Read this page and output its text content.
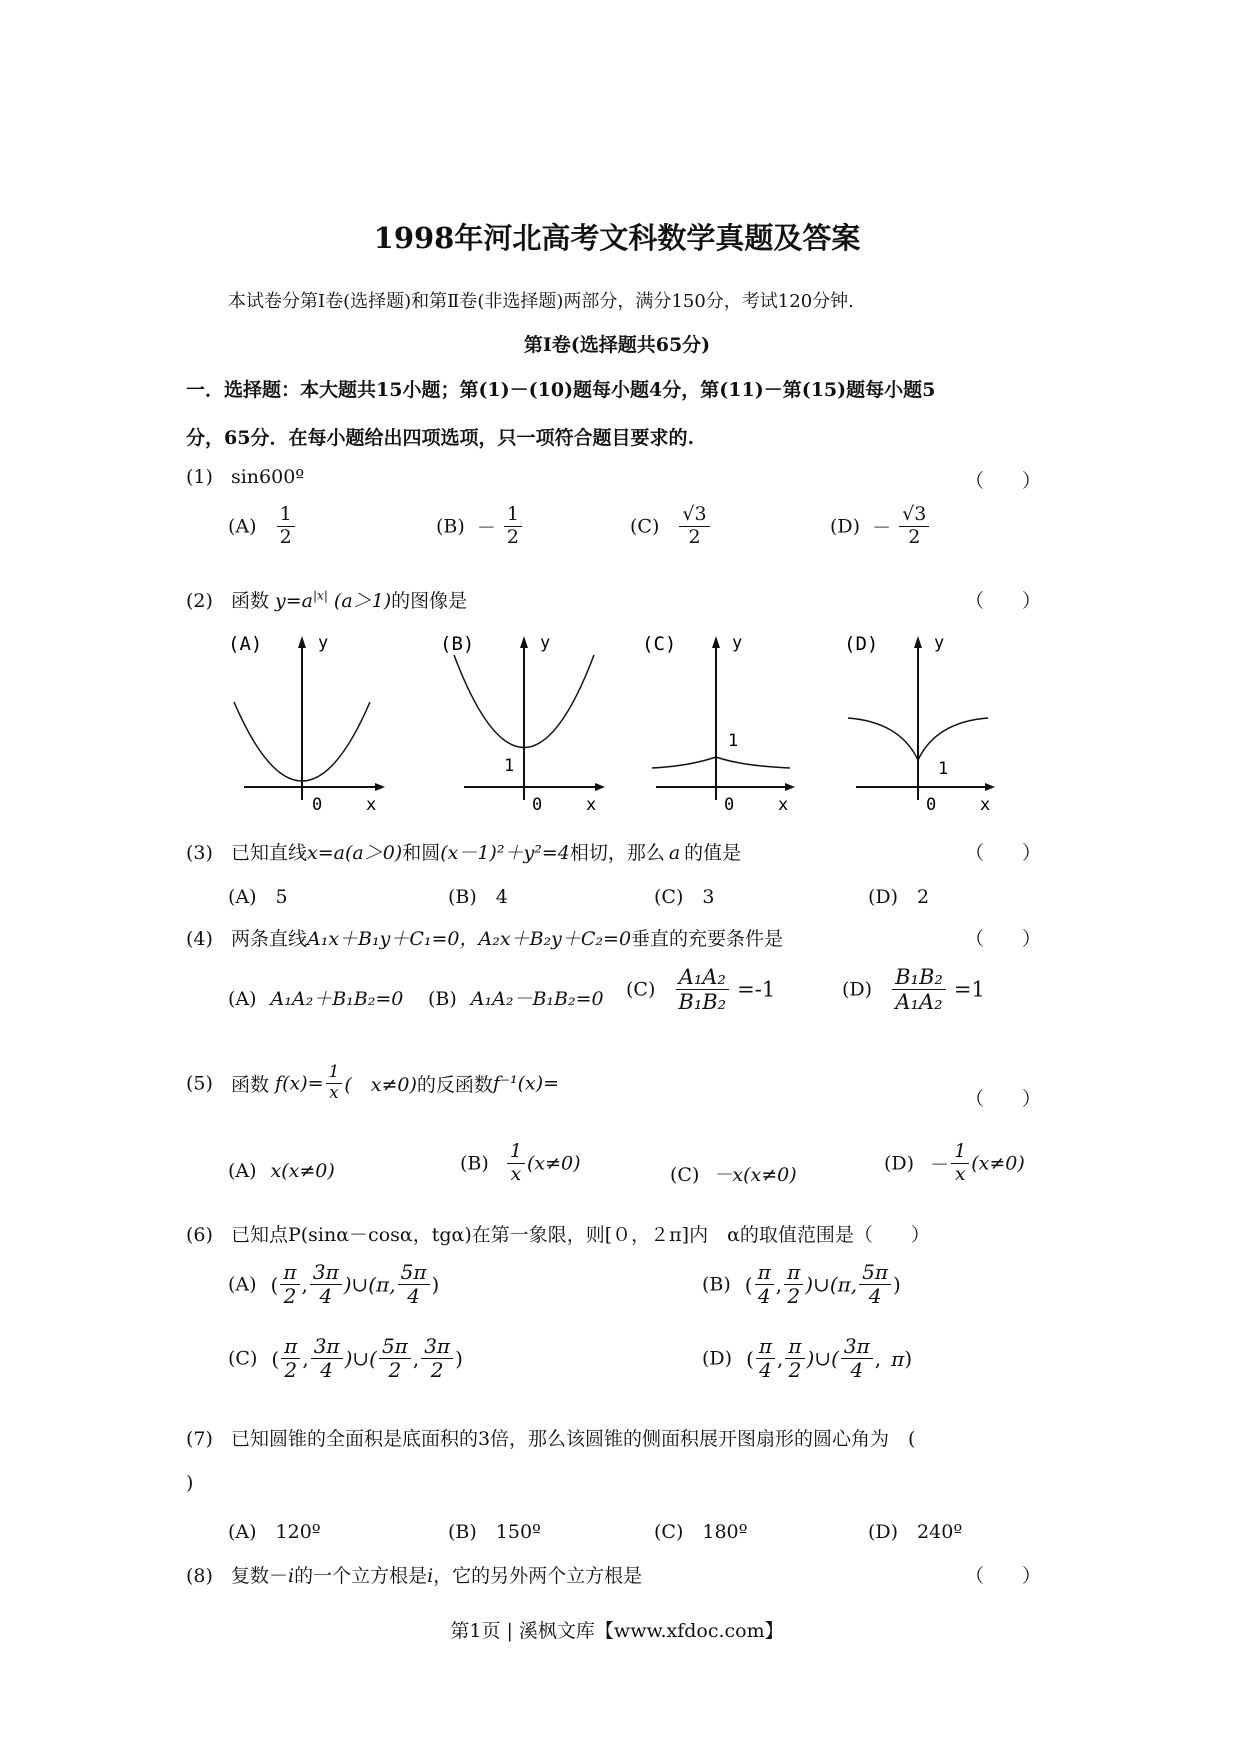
1998年河北高考文科数学真题及答案
本试卷分第Ⅰ卷(选择题)和第Ⅱ卷(非选择题)两部分，满分150分，考试120分钟.
第Ⅰ卷(选择题共65分)
一．选择题：本大题共15小题；第(1)－(10)题每小题4分，第(11)－第(15)题每小题5
分，65分．在每小题给出四项选项，只一项符合题目要求的.
(1) sin600º	（　　）
$(A) \frac{1}{2}$	$(B) - \frac{1}{2}$	$(C) \frac{√3}{2}$	$(D) - \frac{√3}{2}$
(2) 函数 $y=a^{|x|}$ (a＞1)的图像是	（　　）
(A)	y
0	x
(B)	y
1
0	x
(C)	y
1
0	x
(D)	y
1
0	x
(3) 已知直线x=a(a＞0)和圆(x－1)²＋y²=4相切，那么 a 的值是	（　　）
(A)　5	(B)　4	(C)　3	(D)　2
(4) 两条直线A₁x＋B₁y＋C₁=0，A₂x＋B₂y＋C₂=0垂直的充要条件是	（　　）
(A) A₁A₂＋B₁B₂=0 (B) A₁A₂－B₁B₂=0 $(C) \frac{\text{A₁A₂}}{\text{B₁B₂}} =-1$	$(D) \frac{\text{B₁B₂}}{\text{A₁A₂}} =1$
(5) 函数 $f(x)= \frac{1}{x}$ (　x≠0)的反函数f⁻¹(x)=
（　　）
(A) x(x≠0)	$(B) \frac{1}{x} (x\ne 0)$
(C) －x(x≠0)
$(D) - \frac{1}{x} (x\ne 0)$
(6) 已知点P(sinα－cosα，tgα)在第一象限，则[０，２π]内　α的取值范围是（　　）
(A) ( $\frac{\pi}{2}$ , $\frac{3\pi}{4}$ )∪(π, $\frac{5\pi}{4}$ )	(B) ( $\frac{\pi}{4}$ , $\frac{\pi}{2}$ )∪(π, $\frac{5\pi}{4}$ )
(C) ( $\frac{\pi}{2}$ , $\frac{3\pi}{4}$ )∪( $\frac{5\pi}{2}$ , $\frac{3\pi}{2}$ )	(D) ( $\frac{\pi}{4}$ , $\frac{\pi}{2}$ )∪( $\frac{3\pi}{4}$ , π)
(7) 已知圆锥的全面积是底面积的3倍，那么该圆锥的侧面积展开图扇形的圆心角为　(
)
(A)　120º	(B)　150º	(C)　180º	(D)　240º
(8) 复数－i的一个立方根是i，它的另外两个立方根是	（　　）
第1页 | 溪枫文库【www.xfdoc.com】
